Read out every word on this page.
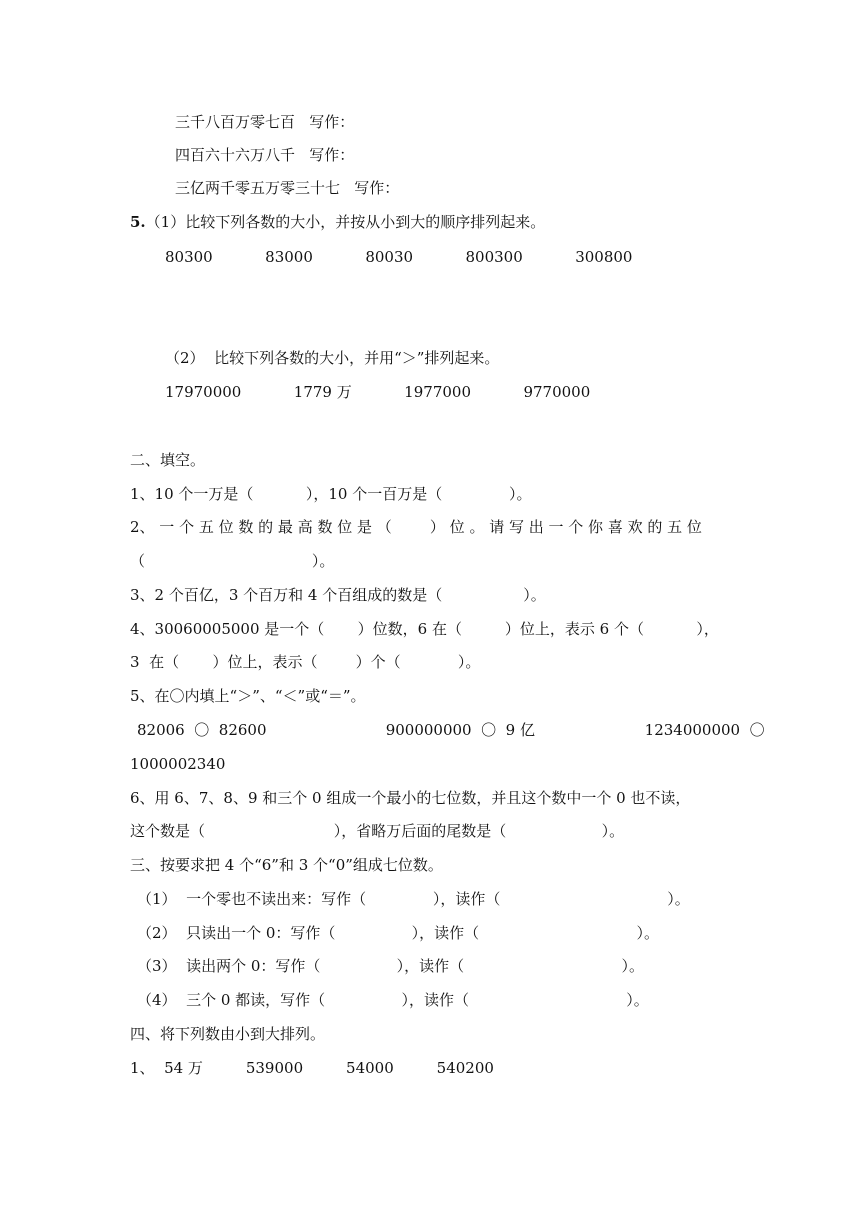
三千八百万零七百   写作：
四百六十六万八千   写作：
三亿两千零五万零三十七   写作：
5.（1）比较下列各数的大小，并按从小到大的顺序排列起来。
80300           83000           80030           800300           300800
（2）  比较下列各数的大小，并用“＞”排列起来。
17970000           1779 万           1977000           9770000
二、填空。
1、10 个一万是（           ），10 个一百万是（              ）。
2、 一 个 五 位 数 的 最 高 数 位 是 （        ） 位 。 请 写 出 一 个 你 喜 欢 的 五 位
（                                   ）。
3、2 个百亿，3 个百万和 4 个百组成的数是（                 ）。
4、30060005000 是一个（       ）位数，6 在（         ）位上，表示 6 个（           ），
3  在（       ）位上，表示（        ）个（            ）。
5、在〇内填上“＞”、“＜”或“＝”。
82006  〇  82600                         900000000  〇  9 亿                       1234000000  〇
1000002340
6、用 6、7、8、9 和三个 0 组成一个最小的七位数，并且这个数中一个 0 也不读，
这个数是（                           ），省略万后面的尾数是（                    ）。
三、按要求把 4 个“6”和 3 个“0”组成七位数。
（1）  一个零也不读出来：写作（              ），读作（                                   ）。
（2）  只读出一个 0：写作（                ），读作（                                 ）。
（3）  读出两个 0：写作（                ），读作（                                 ）。
（4）  三个 0 都读，写作（                ），读作（                                 ）。
四、将下列数由小到大排列。
1、  54 万         539000         54000         540200
